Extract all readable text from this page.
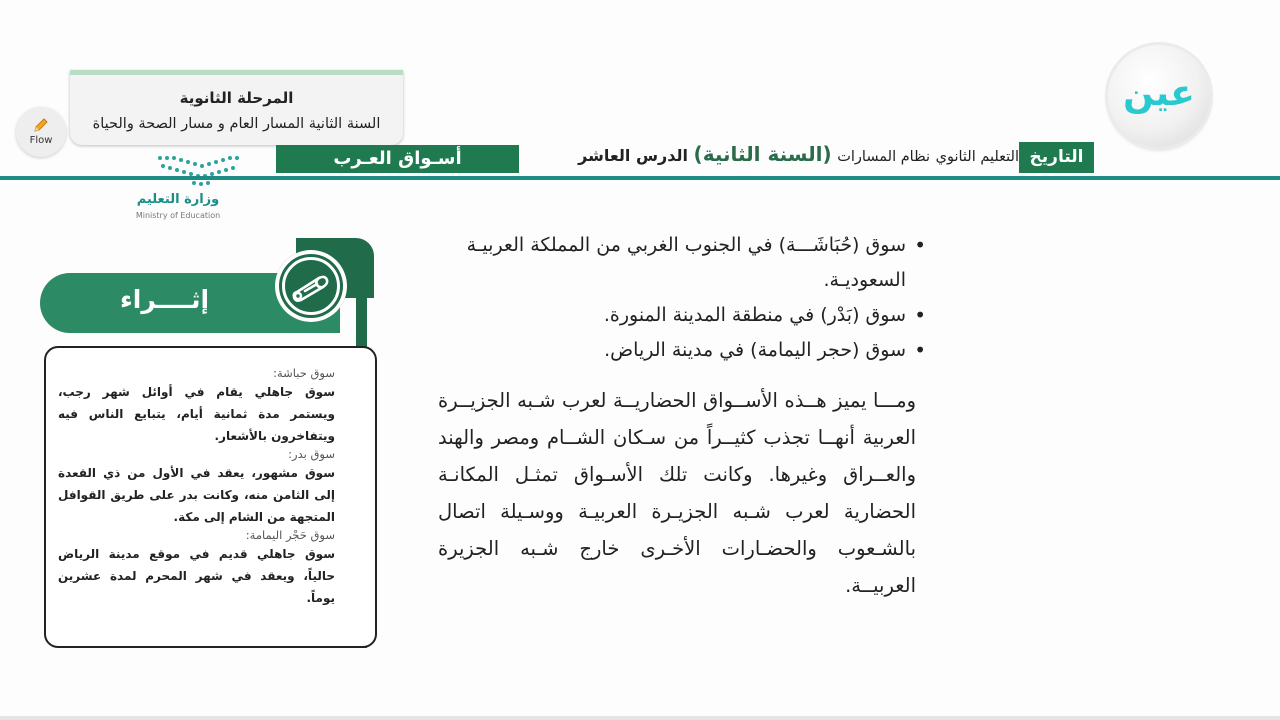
المرحلة الثانوية
السنة الثانية المسار العام و مسار الصحة والحياة
Flow
عين
وزارة التعليم
Ministry of Education
أسـواق العـرب	التعليم الثانوي نظام المسارات (السنة الثانية) الدرس العاشر	التاريخ
إثــــراء
سوق حباشة:
سوق جاهلي يقام في أوائل شهر رجب، ويستمر مدة ثمانية أيام، يتبايع الناس فيه ويتفاخرون بالأشعار.
سوق بدر:
سوق مشهور، يعقد في الأول من ذي القعدة إلى الثامن منه، وكانت بدر على طريق القوافل المتجهة من الشام إلى مكة.
سوق حَجْر اليمامة:
سوق جاهلي قديم في موقع مدينة الرياض حالياً، ويعقد في شهر المحرم لمدة عشرين يوماً.
• سوق (حُبَاشَـــة) في الجنوب الغربي من المملكة العربيـة السعوديـة.
• سوق (بَدْر) في منطقة المدينة المنورة.
• سوق (حجر اليمامة) في مدينة الرياض.

ومـــا يميز هــذه الأســواق الحضاريــة لعرب شـبه الجزيــرة العربية أنهــا تجذب كثيــراً من سـكان الشــام ومصر والهند والعــراق وغيرها. وكانت تلك الأسـواق تمثـل المكانـة الحضارية لعرب شـبه الجزيـرة العربيـة ووسـيلة اتصال بالشـعوب والحضـارات الأخـرى خارج شـبه الجزيرة العربيــة.
